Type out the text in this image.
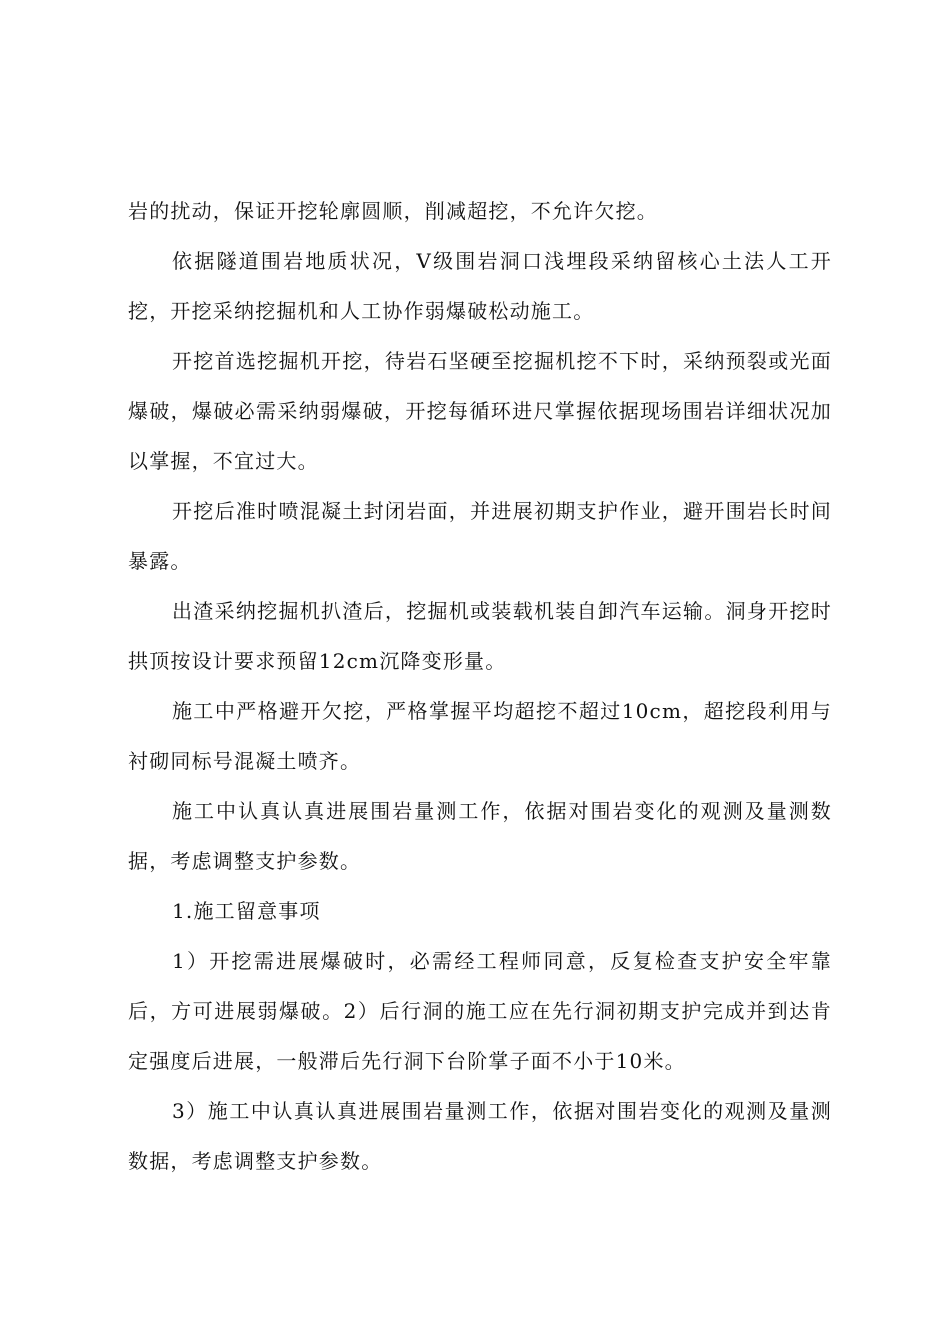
岩的扰动，保证开挖轮廓圆顺，削减超挖，不允许欠挖。

依据隧道围岩地质状况，Ⅴ级围岩洞口浅埋段采纳留核心土法人工开挖，开挖采纳挖掘机和人工协作弱爆破松动施工。

开挖首选挖掘机开挖，待岩石坚硬至挖掘机挖不下时，采纳预裂或光面爆破，爆破必需采纳弱爆破，开挖每循环进尺掌握依据现场围岩详细状况加以掌握，不宜过大。

开挖后准时喷混凝土封闭岩面，并进展初期支护作业，避开围岩长时间暴露。

出渣采纳挖掘机扒渣后，挖掘机或装载机装自卸汽车运输。洞身开挖时拱顶按设计要求预留12cm沉降变形量。

施工中严格避开欠挖，严格掌握平均超挖不超过10cm，超挖段利用与衬砌同标号混凝土喷齐。

施工中认真认真进展围岩量测工作，依据对围岩变化的观测及量测数据，考虑调整支护参数。

1.施工留意事项

1）开挖需进展爆破时，必需经工程师同意，反复检查支护安全牢靠后，方可进展弱爆破。2）后行洞的施工应在先行洞初期支护完成并到达肯定强度后进展，一般滞后先行洞下台阶掌子面不小于10米。

3）施工中认真认真进展围岩量测工作，依据对围岩变化的观测及量测数据，考虑调整支护参数。
